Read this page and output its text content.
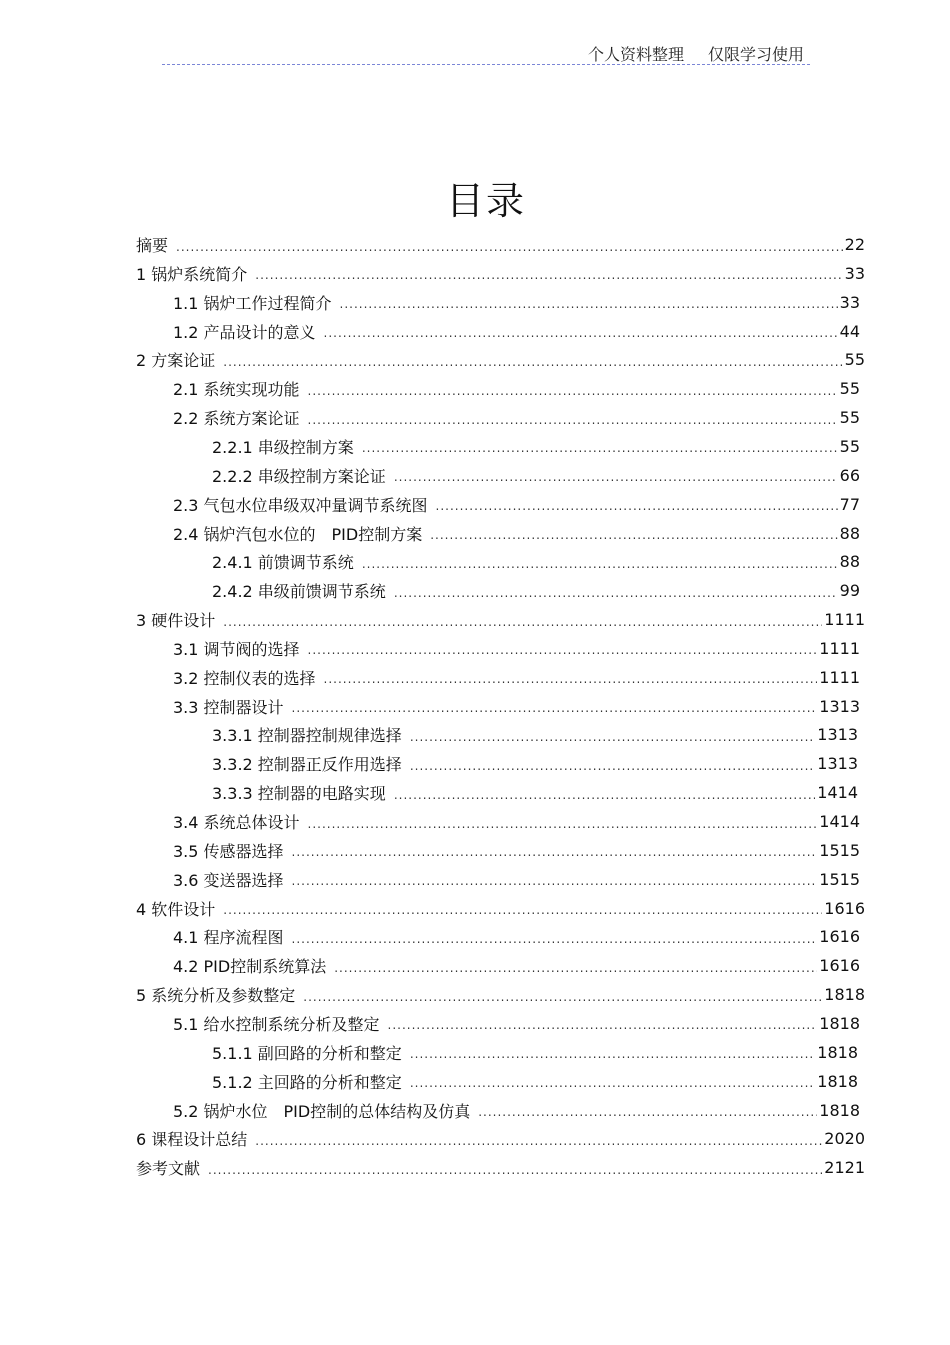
个人资料整理 仅限学习使用
目录
摘要 .....	22
1 锅炉系统简介 .....	33
1.1 锅炉工作过程简介 .....	33
1.2 产品设计的意义 .....	44
2 方案论证 .....	55
2.1 系统实现功能 .....	55
2.2 系统方案论证 .....	55
2.2.1 串级控制方案 .....	55
2.2.2 串级控制方案论证 .....	66
2.3 气包水位串级双冲量调节系统图 .....	77
2.4 锅炉汽包水位的　PID控制方案 .....	88
2.4.1 前馈调节系统 .....	88
2.4.2 串级前馈调节系统 .....	99
3 硬件设计 .....	1111
3.1 调节阀的选择 .....	1111
3.2 控制仪表的选择 .....	1111
3.3 控制器设计 .....	1313
3.3.1 控制器控制规律选择 .....	1313
3.3.2 控制器正反作用选择 .....	1313
3.3.3 控制器的电路实现 .....	1414
3.4 系统总体设计 .....	1414
3.5 传感器选择 .....	1515
3.6 变送器选择 .....	1515
4 软件设计 .....	1616
4.1 程序流程图 .....	1616
4.2 PID控制系统算法 .....	1616
5 系统分析及参数整定 .....	1818
5.1 给水控制系统分析及整定 .....	1818
5.1.1 副回路的分析和整定 .....	1818
5.1.2 主回路的分析和整定 .....	1818
5.2 锅炉水位　PID控制的总体结构及仿真 .....	1818
6 课程设计总结 .....	2020
参考文献 .....	2121
